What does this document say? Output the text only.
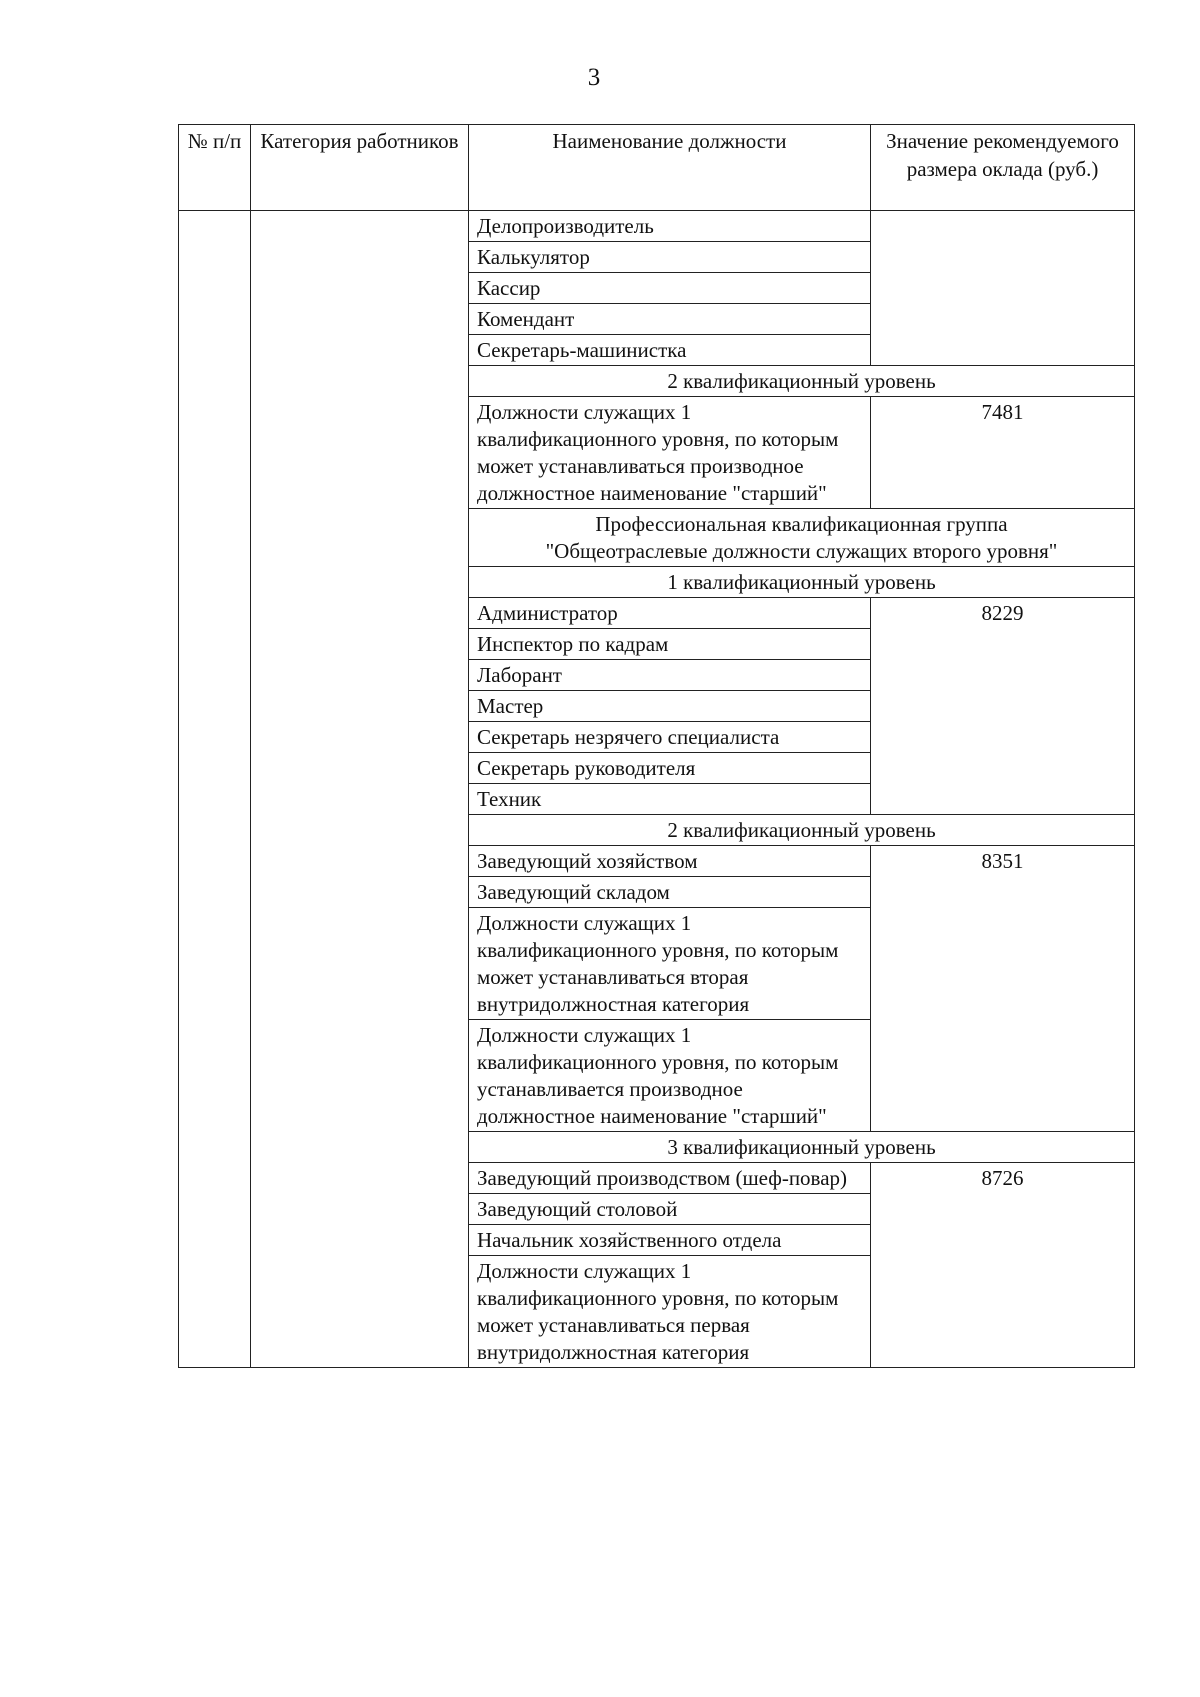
3
№ п/п	Категория работников	Наименование должности	Значение рекомендуемого размера оклада (руб.)
		Делопроизводитель	
		Калькулятор	
		Кассир	
		Комендант	
		Секретарь-машинистка	
		2 квалификационный уровень	
		Должности служащих 1 квалификационного уровня, по которым может устанавливаться производное должностное наименование "старший"	7481

		Профессиональная квалификационная группа
"Общеотраслевые должности служащих второго уровня"	

		1 квалификационный уровень	
		Администратор	8229
		Инспектор по кадрам	
		Лаборант	
		Мастер	
		Секретарь незрячего специалиста	
		Секретарь руководителя	
		Техник	
		2 квалификационный уровень	
		Заведующий хозяйством	8351
		Заведующий складом	
		Должности служащих 1 квалификационного уровня, по которым может устанавливаться вторая внутридолжностная категория	
		Должности служащих 1 квалификационного уровня, по которым устанавливается производное должностное наименование "старший"	
		3 квалификационный уровень	
		Заведующий производством (шеф-повар)	8726
		Заведующий столовой	
		Начальник хозяйственного отдела	
		Должности служащих 1 квалификационного уровня, по которым может устанавливаться первая внутридолжностная категория	
